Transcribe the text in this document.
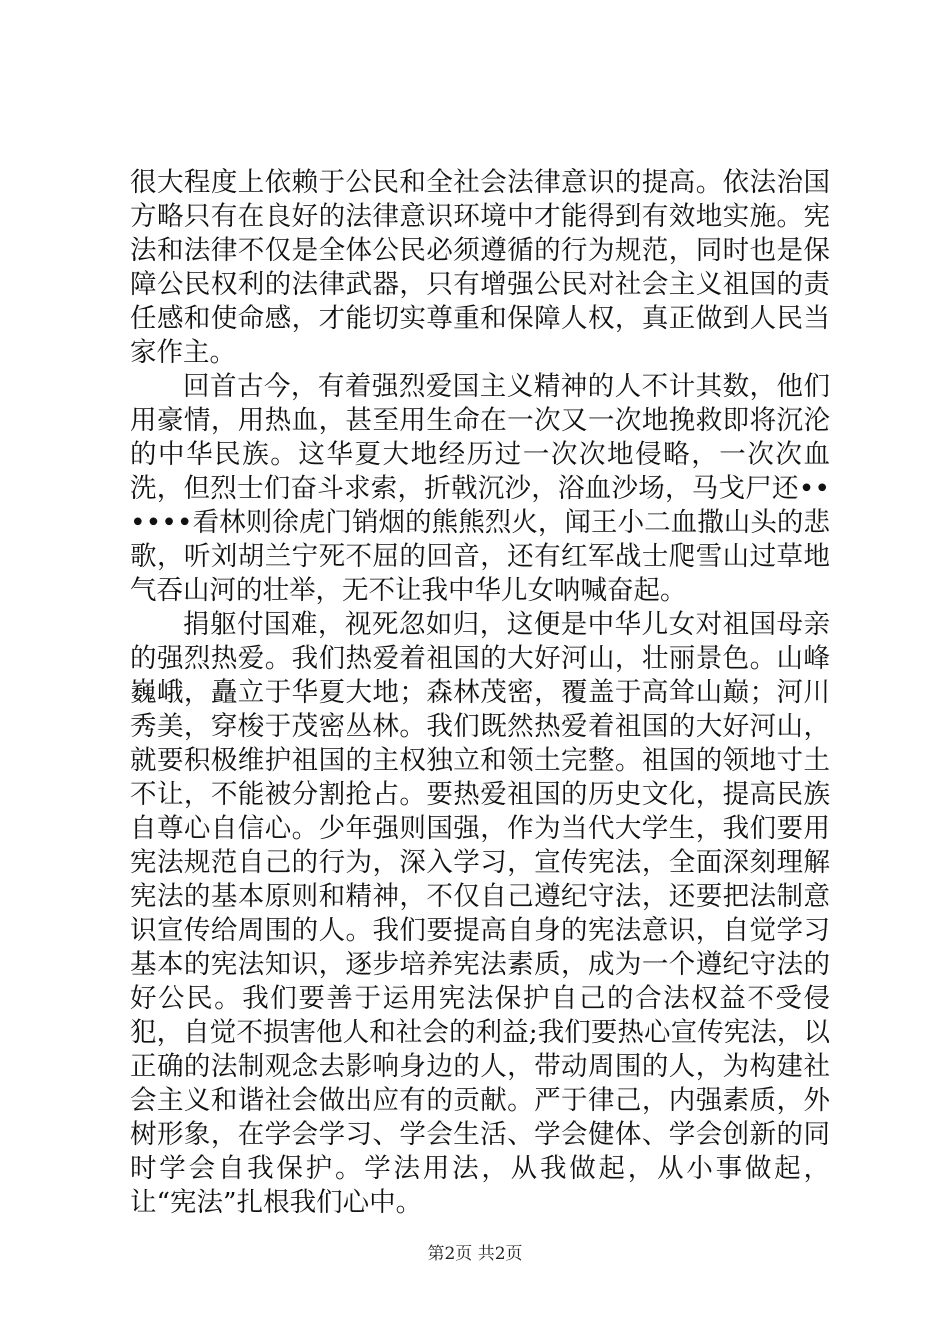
很大程度上依赖于公民和全社会法律意识的提高。依法治国方略只有在良好的法律意识环境中才能得到有效地实施。宪法和法律不仅是全体公民必须遵循的行为规范，同时也是保障公民权利的法律武器，只有增强公民对社会主义祖国的责任感和使命感，才能切实尊重和保障人权，真正做到人民当家作主。

回首古今，有着强烈爱国主义精神的人不计其数，他们用豪情，用热血，甚至用生命在一次又一次地挽救即将沉沦的中华民族。这华夏大地经历过一次次地侵略，一次次血洗，但烈士们奋斗求索，折戟沉沙，浴血沙场，马戈尸还••••••看林则徐虎门销烟的熊熊烈火，闻王小二血撒山头的悲歌，听刘胡兰宁死不屈的回音，还有红军战士爬雪山过草地气吞山河的壮举，无不让我中华儿女呐喊奋起。

捐躯付国难，视死忽如归，这便是中华儿女对祖国母亲的强烈热爱。我们热爱着祖国的大好河山，壮丽景色。山峰巍峨，矗立于华夏大地；森林茂密，覆盖于高耸山巅；河川秀美，穿梭于茂密丛林。我们既然热爱着祖国的大好河山，就要积极维护祖国的主权独立和领土完整。祖国的领地寸土不让，不能被分割抢占。要热爱祖国的历史文化，提高民族自尊心自信心。少年强则国强，作为当代大学生，我们要用宪法规范自己的行为，深入学习，宣传宪法，全面深刻理解宪法的基本原则和精神，不仅自己遵纪守法，还要把法制意识宣传给周围的人。我们要提高自身的宪法意识，自觉学习基本的宪法知识，逐步培养宪法素质，成为一个遵纪守法的好公民。我们要善于运用宪法保护自己的合法权益不受侵犯，自觉不损害他人和社会的利益;我们要热心宣传宪法，以正确的法制观念去影响身边的人，带动周围的人，为构建社会主义和谐社会做出应有的贡献。严于律己，内强素质，外树形象，在学会学习、学会生活、学会健体、学会创新的同时学会自我保护。学法用法，从我做起，从小事做起，让“宪法”扎根我们心中。

第2页 共2页
